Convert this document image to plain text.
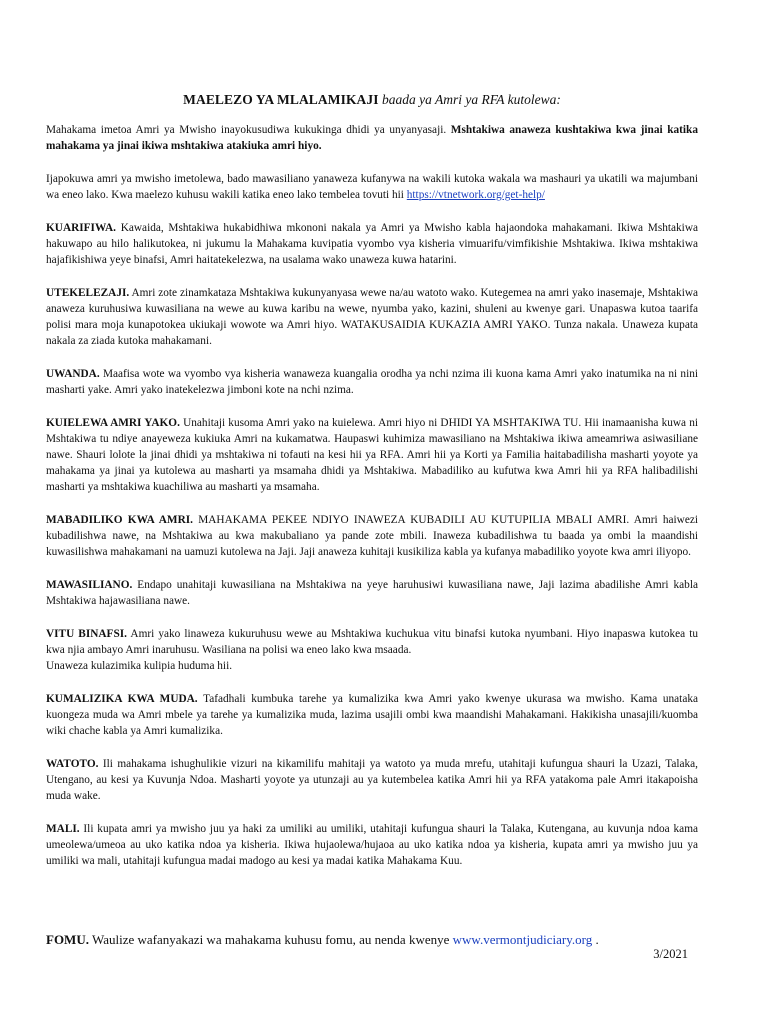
MAELEZO YA MLALAMIKAJI baada ya Amri ya RFA kutolewa:

Mahakama imetoa Amri ya Mwisho inayokusudiwa kukukinga dhidi ya unyanyasaji. Mshtakiwa anaweza kushtakiwa kwa jinai katika mahakama ya jinai ikiwa mshtakiwa atakiuka amri hiyo.

Ijapokuwa amri ya mwisho imetolewa, bado mawasiliano yanaweza kufanywa na wakili kutoka wakala wa mashauri ya ukatili wa majumbani wa eneo lako. Kwa maelezo kuhusu wakili katika eneo lako tembelea tovuti hii https://vtnetwork.org/get-help/

KUARIFIWA. Kawaida, Mshtakiwa hukabidhiwa mkononi nakala ya Amri ya Mwisho kabla hajaondoka mahakamani. Ikiwa Mshtakiwa hakuwapo au hilo halikutokea, ni jukumu la Mahakama kuvipatia vyombo vya kisheria vimuarifu/vimfikishie Mshtakiwa. Ikiwa mshtakiwa hajafikishiwa yeye binafsi, Amri haitatekelezwa, na usalama wako unaweza kuwa hatarini.

UTEKELEZAJI. Amri zote zinamkataza Mshtakiwa kukunyanyasa wewe na/au watoto wako. Kutegemea na amri yako inasemaje, Mshtakiwa anaweza kuruhusiwa kuwasiliana na wewe au kuwa karibu na wewe, nyumba yako, kazini, shuleni au kwenye gari. Unapaswa kutoa taarifa polisi mara moja kunapotokea ukiukaji wowote wa Amri hiyo. WATAKUSAIDIA KUKAZIA AMRI YAKO. Tunza nakala. Unaweza kupata nakala za ziada kutoka mahakamani.

UWANDA. Maafisa wote wa vyombo vya kisheria wanaweza kuangalia orodha ya nchi nzima ili kuona kama Amri yako inatumika na ni nini masharti yake. Amri yako inatekelezwa jimboni kote na nchi nzima.

KUIELEWA AMRI YAKO. Unahitaji kusoma Amri yako na kuielewa. Amri hiyo ni DHIDI YA MSHTAKIWA TU. Hii inamaanisha kuwa ni Mshtakiwa tu ndiye anayeweza kukiuka Amri na kukamatwa. Haupaswi kuhimiza mawasiliano na Mshtakiwa ikiwa ameamriwa asiwasiliane nawe. Shauri lolote la jinai dhidi ya mshtakiwa ni tofauti na kesi hii ya RFA. Amri hii ya Korti ya Familia haitabadilisha masharti yoyote ya mahakama ya jinai ya kutolewa au masharti ya msamaha dhidi ya Mshtakiwa. Mabadiliko au kufutwa kwa Amri hii ya RFA halibadilishi masharti ya mshtakiwa kuachiliwa au masharti ya msamaha.

MABADILIKO KWA AMRI. MAHAKAMA PEKEE NDIYO INAWEZA KUBADILI AU KUTUPILIA MBALI AMRI. Amri haiwezi kubadilishwa nawe, na Mshtakiwa au kwa makubaliano ya pande zote mbili. Inaweza kubadilishwa tu baada ya ombi la maandishi kuwasilishwa mahakamani na uamuzi kutolewa na Jaji. Jaji anaweza kuhitaji kusikiliza kabla ya kufanya mabadiliko yoyote kwa amri iliyopo.

MAWASILIANO. Endapo unahitaji kuwasiliana na Mshtakiwa na yeye haruhusiwi kuwasiliana nawe, Jaji lazima abadilishe Amri kabla Mshtakiwa hajawasiliana nawe.

VITU BINAFSI. Amri yako linaweza kukuruhusu wewe au Mshtakiwa kuchukua vitu binafsi kutoka nyumbani. Hiyo inapaswa kutokea tu kwa njia ambayo Amri inaruhusu. Wasiliana na polisi wa eneo lako kwa msaada.
Unaweza kulazimika kulipia huduma hii.

KUMALIZIKA KWA MUDA. Tafadhali kumbuka tarehe ya kumalizika kwa Amri yako kwenye ukurasa wa mwisho. Kama unataka kuongeza muda wa Amri mbele ya tarehe ya kumalizika muda, lazima usajili ombi kwa maandishi Mahakamani. Hakikisha unasajili/kuomba wiki chache kabla ya Amri kumalizika.

WATOTO. Ili mahakama ishughulikie vizuri na kikamilifu mahitaji ya watoto ya muda mrefu, utahitaji kufungua shauri la Uzazi, Talaka, Utengano, au kesi ya Kuvunja Ndoa. Masharti yoyote ya utunzaji au ya kutembelea katika Amri hii ya RFA yatakoma pale Amri itakapoisha muda wake.

MALI. Ili kupata amri ya mwisho juu ya haki za umiliki au umiliki, utahitaji kufungua shauri la Talaka, Kutengana, au kuvunja ndoa kama umeolewa/umeoa au uko katika ndoa ya kisheria. Ikiwa hujaolewa/hujaoa au uko katika ndoa ya kisheria, kupata amri ya mwisho juu ya umiliki wa mali, utahitaji kufungua madai madogo au kesi ya madai katika Mahakama Kuu.

FOMU. Waulize wafanyakazi wa mahakama kuhusu fomu, au nenda kwenye www.vermontjudiciary.org .
3/2021
